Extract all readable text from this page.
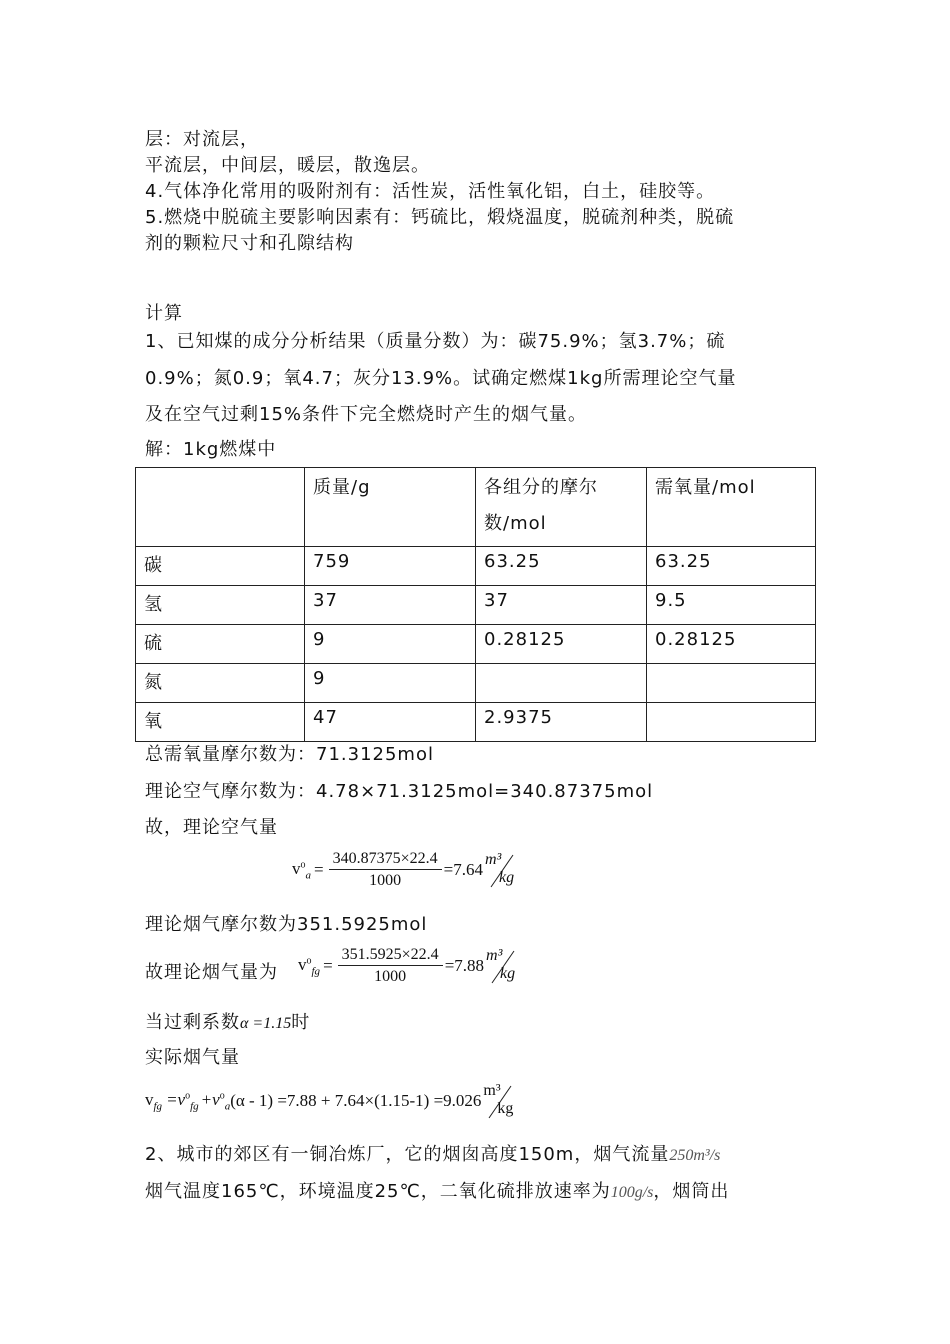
层：对流层，
平流层，中间层，暖层，散逸层。
4.气体净化常用的吸附剂有：活性炭，活性氧化铝，白土，硅胶等。
5.燃烧中脱硫主要影响因素有：钙硫比，煅烧温度，脱硫剂种类，脱硫
剂的颗粒尺寸和孔隙结构
计算
1、已知煤的成分分析结果（质量分数）为：碳75.9%；氢3.7%；硫
0.9%；氮0.9；氧4.7；灰分13.9%。试确定燃煤1kg所需理论空气量
及在空气过剩15%条件下完全燃烧时产生的烟气量。
解：1kg燃煤中
	质量/g	各组分的摩尔数/mol	需氧量/mol
碳	759	63.25	63.25
氢	37	37	9.5
硫	9	0.28125	0.28125
氮	9		
氧	47	2.9375	
总需氧量摩尔数为：71.3125mol
理论空气摩尔数为：4.78×71.3125mol=340.87375mol
故，理论空气量
$v^o_a = \frac{340.87375\times 22.4}{1000} =7.64$
m³
kg
理论烟气摩尔数为351.5925mol
故理论烟气量为 $v^o_{fg} = \frac{351.5925\times 22.4}{1000} =7.88$
m³
kg
当过剩系数α =1.15时
实际烟气量
$v_{fg} =v^o_{fg} +v^o_a$ (α - 1) =7.88 + 7.64×(1.15-1) =9.026
m³
kg
2、城市的郊区有一铜冶炼厂，它的烟囱高度150m，烟气流量250m³/s
烟气温度165℃，环境温度25℃，二氧化硫排放速率为100g/s，烟筒出
